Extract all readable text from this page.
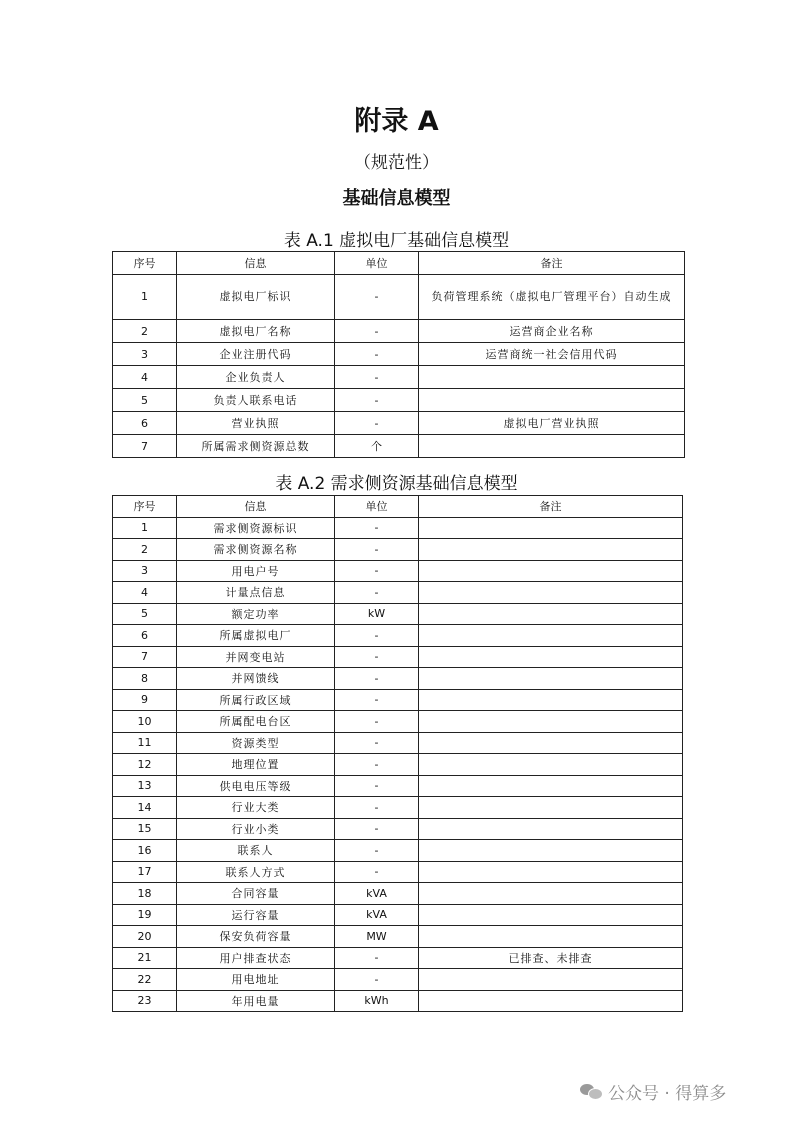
附录 A
（规范性）
基础信息模型
表 A.1 虚拟电厂基础信息模型
序号	信息	单位	备注
1	虚拟电厂标识	-	负荷管理系统（虚拟电厂管理平台）自动生成
2	虚拟电厂名称	-	运营商企业名称
3	企业注册代码	-	运营商统一社会信用代码
4	企业负责人	-	
5	负责人联系电话	-	
6	营业执照	-	虚拟电厂营业执照
7	所属需求侧资源总数	个	
表 A.2 需求侧资源基础信息模型
序号	信息	单位	备注
1	需求侧资源标识	-	
2	需求侧资源名称	-	
3	用电户号	-	
4	计量点信息	-	
5	额定功率	kW	
6	所属虚拟电厂	-	
7	并网变电站	-	
8	并网馈线	-	
9	所属行政区域	-	
10	所属配电台区	-	
11	资源类型	-	
12	地理位置	-	
13	供电电压等级	-	
14	行业大类	-	
15	行业小类	-	
16	联系人	-	
17	联系人方式	-	
18	合同容量	kVA	
19	运行容量	kVA	
20	保安负荷容量	MW	
21	用户排查状态	-	已排查、未排查
22	用电地址	-	
23	年用电量	kWh	
公众号 · 得算多
